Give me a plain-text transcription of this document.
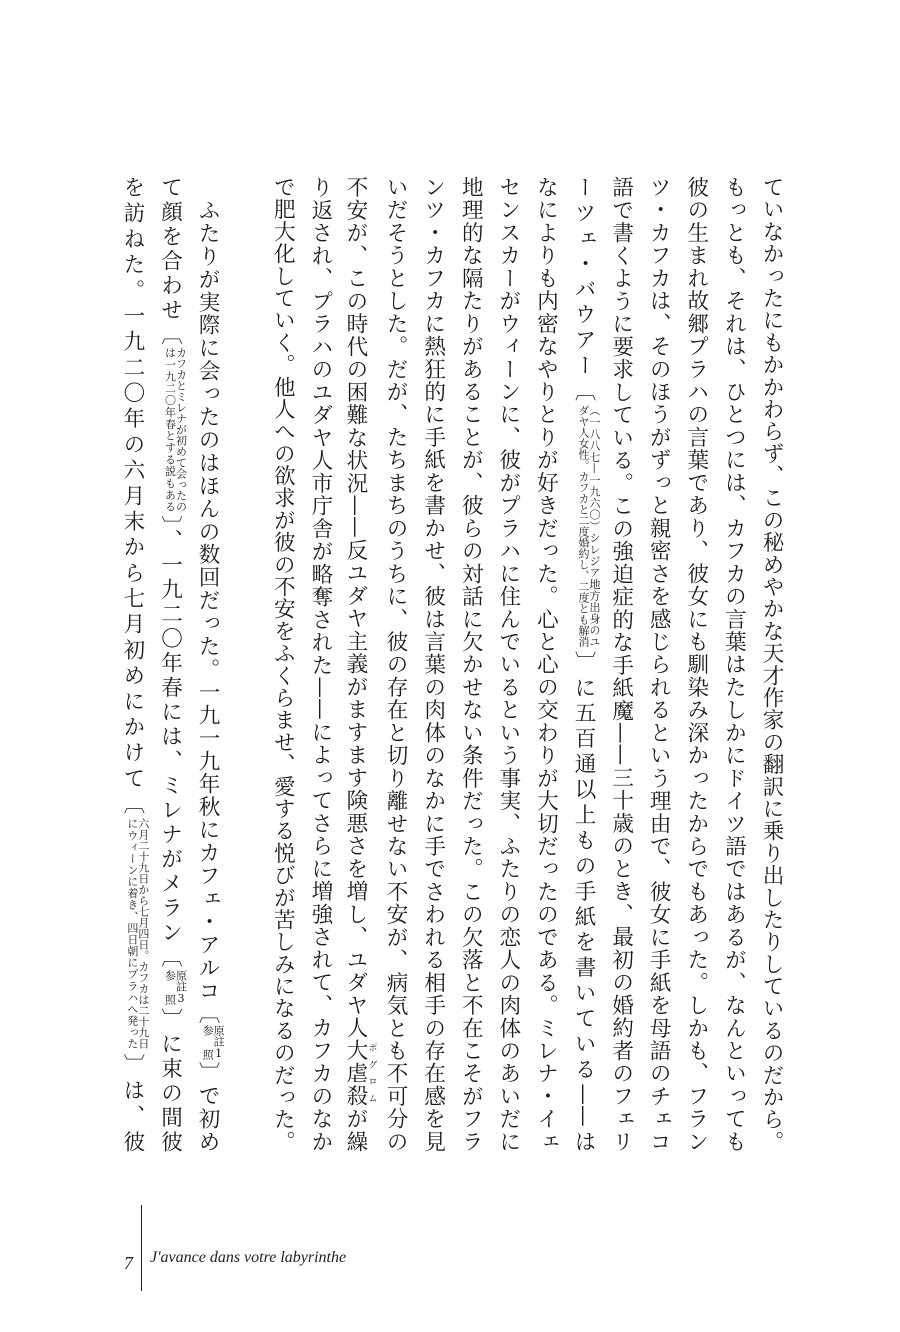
ていなかったにもかかわらず、この秘めやかな天才作家の翻訳に乗り出したりしているのだから。
もっとも、それは、ひとつには、カフカの言葉はたしかにドイツ語ではあるが、なんといっても
彼の生まれ故郷プラハの言葉であり、彼女にも馴染み深かったからでもあった。しかも、フラン
ツ・カフカは、そのほうがずっと親密さを感じられるという理由で、彼女に手紙を母語のチェコ
語で書くように要求している。この強迫症的な手紙魔——三十歳のとき、最初の婚約者のフェリ
ーツェ・バウアー〔
（一八八七—一九六〇）シレジア地方出身のユ
ダヤ人女性。カフカと二度婚約し、二度とも解消
〕に五百通以上もの手紙を書いている——は
なによりも内密なやりとりが好きだった。心と心の交わりが大切だったのである。ミレナ・イェ
センスカーがウィーンに、彼がプラハに住んでいるという事実、ふたりの恋人の肉体のあいだに
地理的な隔たりがあることが、彼らの対話に欠かせない条件だった。この欠落と不在こそがフラ
ンツ・カフカに熱狂的に手紙を書かせ、彼は言葉の肉体のなかに手でさわれる相手の存在感を見
いだそうとした。だが、たちまちのうちに、彼の存在と切り離せない不安が、病気とも不可分の
不安が、この時代の困難な状況——反ユダヤ主義がますます険悪さを増し、ユダヤ人大虐殺ポグロムが繰
り返され、プラハのユダヤ人市庁舎が略奪された——によってさらに増強されて、カフカのなか
で肥大化していく。他人への欲求が彼の不安をふくらませ、愛する悦びが苦しみになるのだった。
　ふたりが実際に会ったのはほんの数回だった。一九一九年秋にカフェ・アルコ〔
原註1
参照
〕で初め
て顔を合わせ〔
カフカとミレナが初めて会ったの
は一九二〇年春とする説もある
〕、一九二〇年春には、ミレナがメラン〔
原註3
参照
〕に束の間彼
を訪ねた。一九二〇年の六月末から七月初めにかけて〔
六月二十九日から七月四日。カフカは二十九日
にウィーンに着き、四日朝にプラハへ発った
〕は、彼
7 J'avance dans votre labyrinthe
